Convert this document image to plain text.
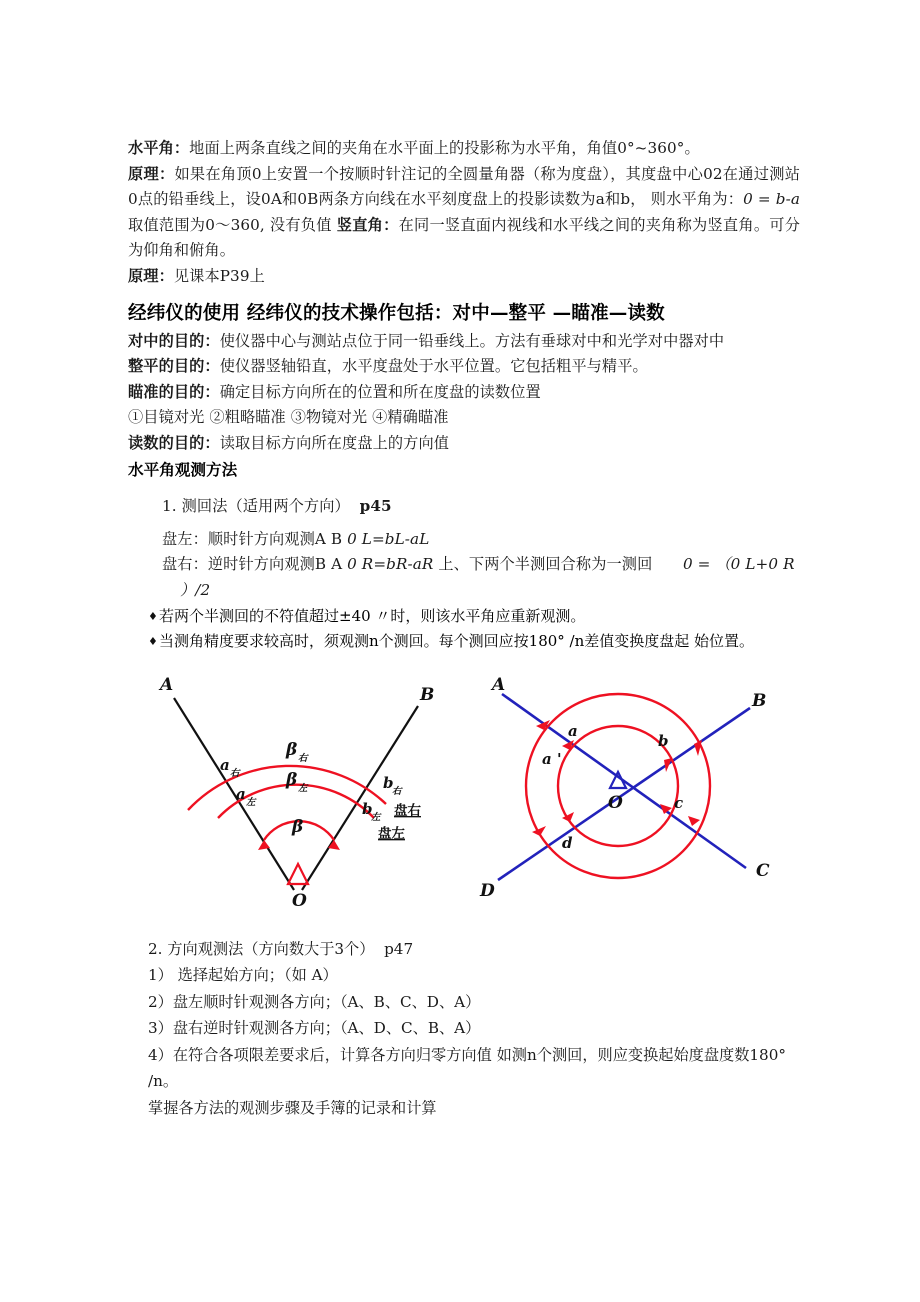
水平角：地面上两条直线之间的夹角在水平面上的投影称为水平角，角值0°~360°。
原理：如果在角顶0上安置一个按顺时针注记的全圆量角器（称为度盘），其度盘中心02在通过测站0点的铅垂线上，设0A和0B两条方向线在水平刻度盘上的投影读数为a和b， 则水平角为：0 = b-a取值范围为0〜360, 没有负值 竖直角：在同一竖直面内视线和水平线之间的夹角称为竖直角。可分为仰角和俯角。
原理：见课本P39上
经纬仪的使用 经纬仪的技术操作包括：对中—整平 —瞄准—读数
对中的目的：使仪器中心与测站点位于同一铅垂线上。方法有垂球对中和光学对中器对中
整平的目的：使仪器竖轴铅直，水平度盘处于水平位置。它包括粗平与精平。
瞄准的目的：确定目标方向所在的位置和所在度盘的读数位置
①目镜对光 ②粗略瞄准 ③物镜对光 ④精确瞄准
读数的目的：读取目标方向所在度盘上的方向值
水平角观测方法
1. 测回法（适用两个方向） p45
盘左：顺时针方向观测A B 0 L=bL-aL
盘右：逆时针方向观测B A 0 R=bR-aR 上、下两个半测回合称为一测回　　0 = （0 L+0 R
）/2
♦ 若两个半测回的不符值超过±40 〃时，则该水平角应重新观测。
♦ 当测角精度要求较高时，须观测n个测回。每个测回应按180° /n差值变换度盘起 始位置。
A	B
O
a 右
a 左
b
右
b
左
β 右
β 左
β
盘右
盘左
A
B
C
D
O
a
a '
b
c
d
2. 方向观测法（方向数大于3个） p47
1） 选择起始方向；（如 A）
2）盘左顺时针观测各方向；（A、B、C、D、A）
3）盘右逆时针观测各方向；（A、D、C、B、A）
4）在符合各项限差要求后，计算各方向归零方向值 如测n个测回，则应变换起始度盘度数180° /n。
掌握各方法的观测步骤及手簿的记录和计算
